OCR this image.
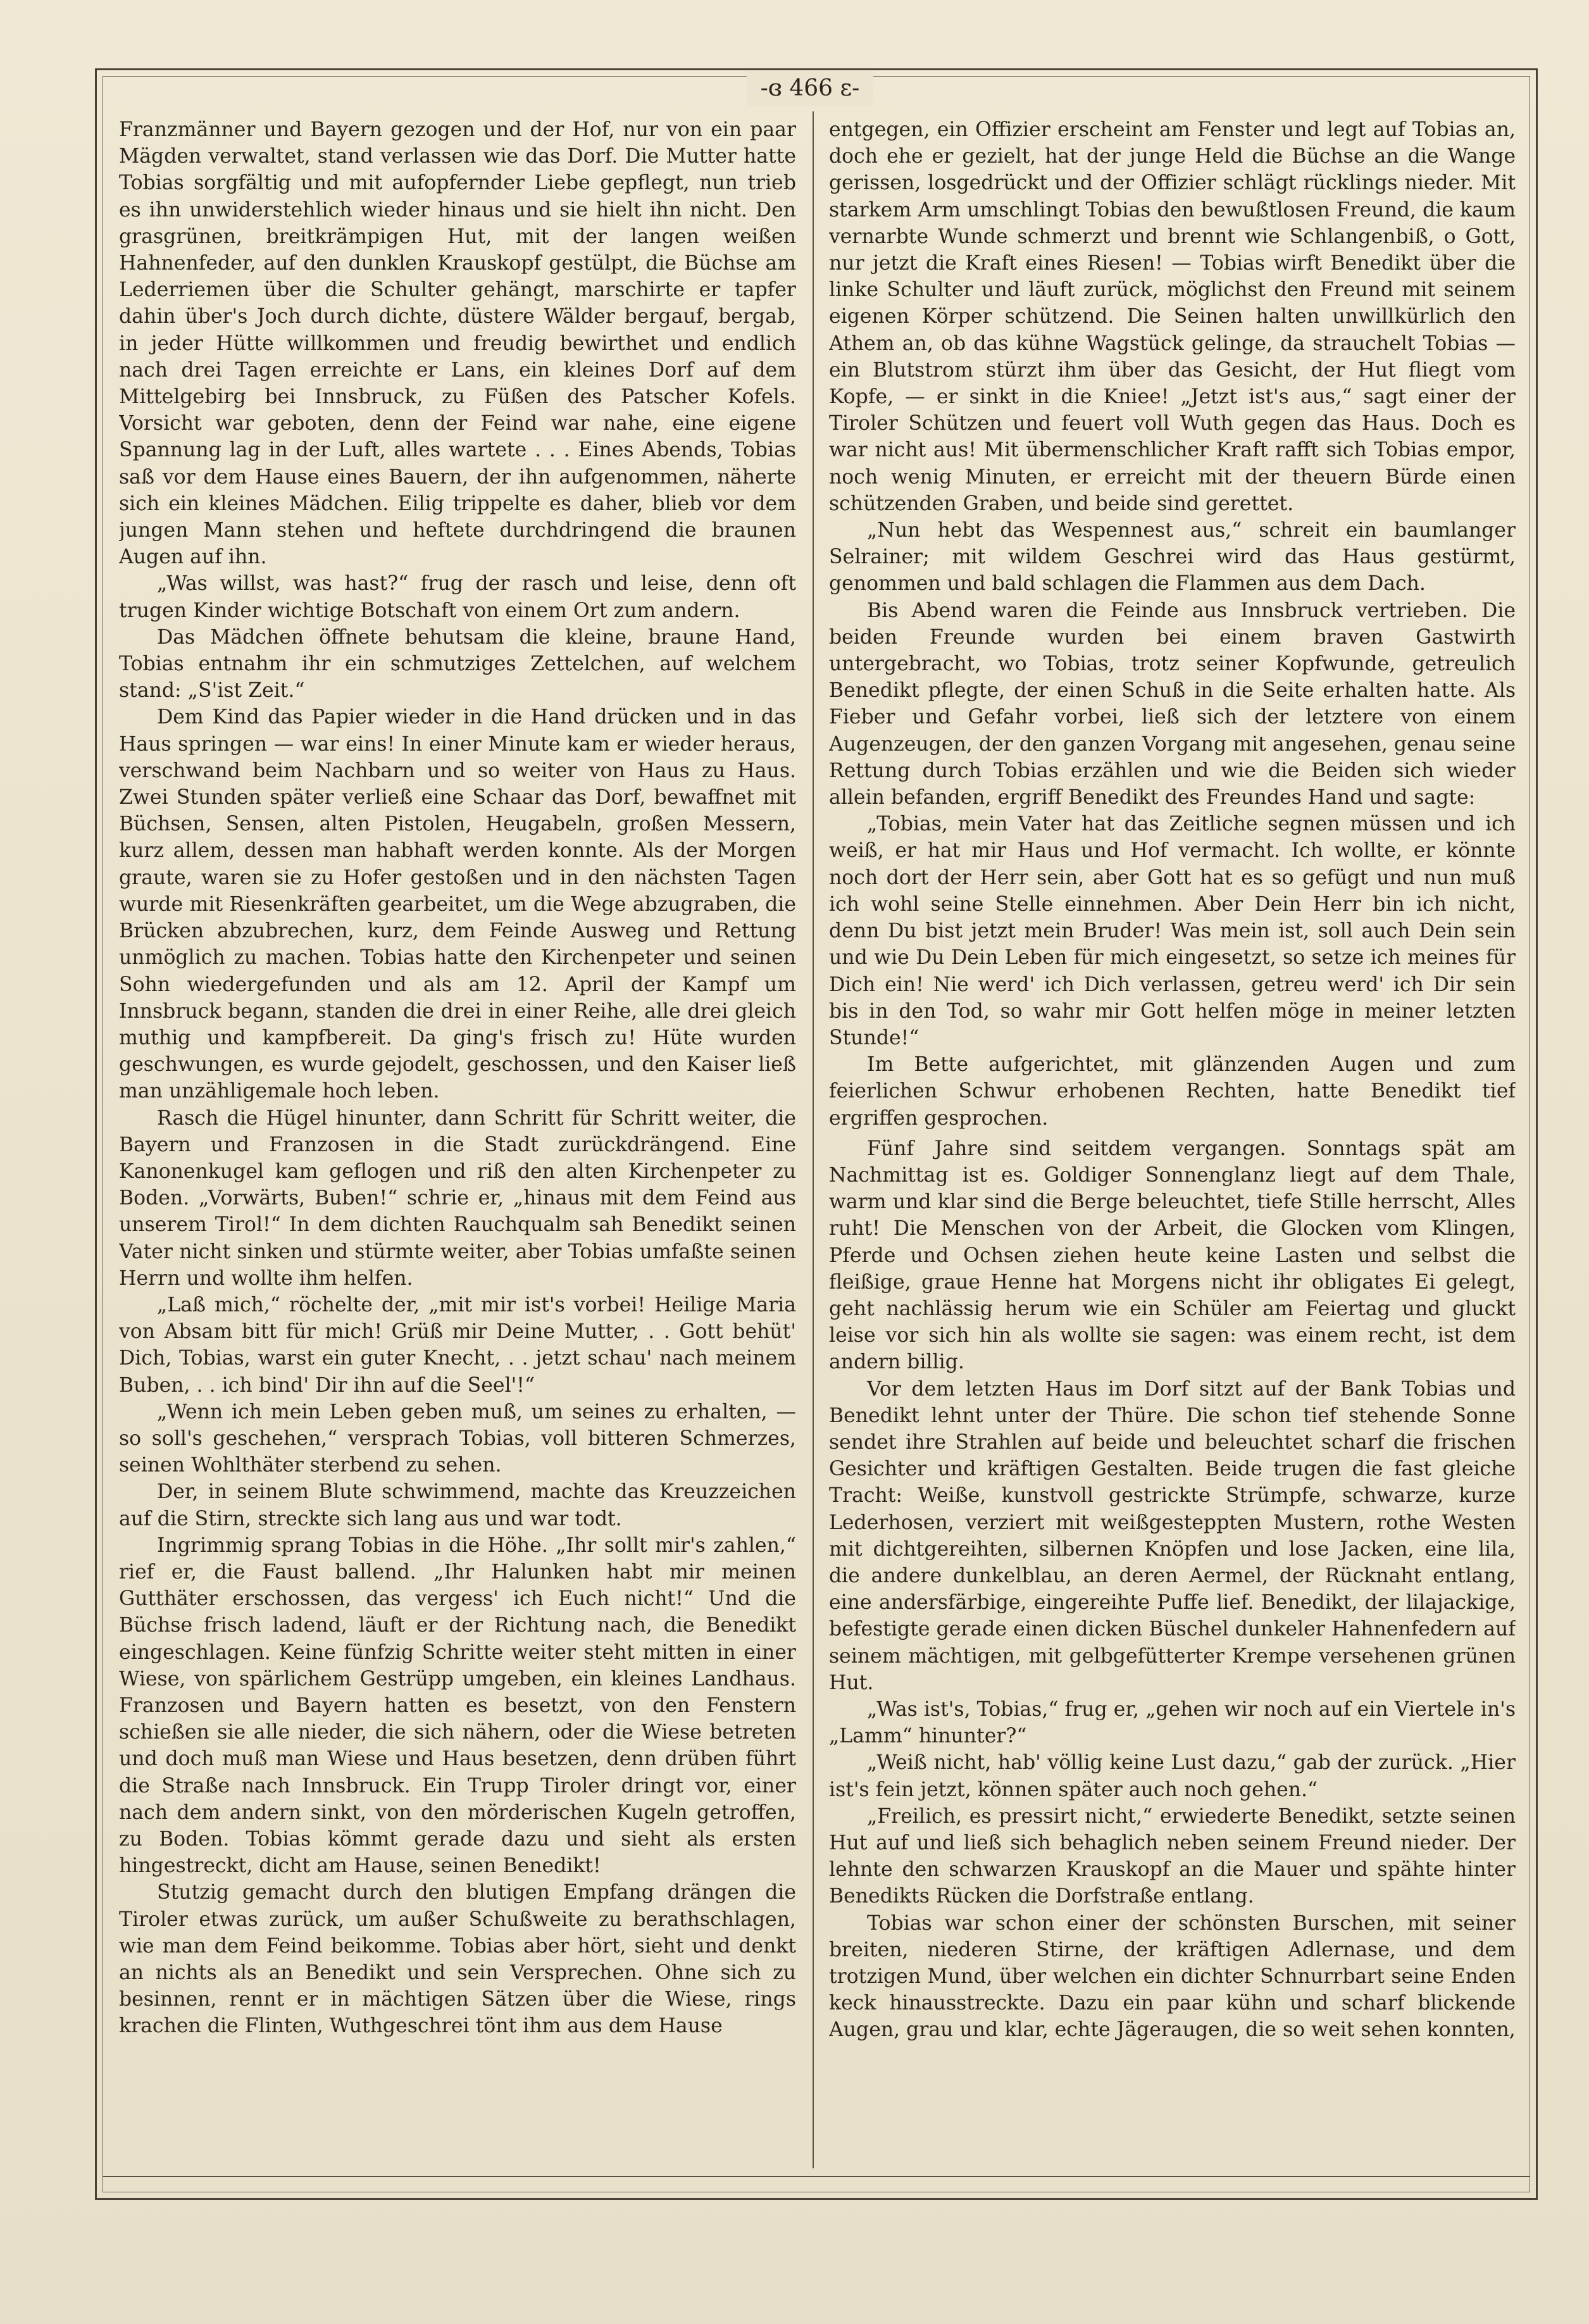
-ɞ 466 ɛ-

Franzmänner und Bayern gezogen und der Hof, nur von ein paar Mägden verwaltet, stand verlassen wie das Dorf. Die Mutter hatte Tobias sorgfältig und mit aufopfernder Liebe gepflegt, nun trieb es ihn unwiderstehlich wieder hinaus und sie hielt ihn nicht. Den grasgrünen, breitkrämpigen Hut, mit der langen weißen Hahnenfeder, auf den dunklen Krauskopf gestülpt, die Büchse am Lederriemen über die Schulter gehängt, marschirte er tapfer dahin über's Joch durch dichte, düstere Wälder bergauf, bergab, in jeder Hütte willkommen und freudig bewirthet und endlich nach drei Tagen erreichte er Lans, ein kleines Dorf auf dem Mittelgebirg bei Innsbruck, zu Füßen des Patscher Kofels. Vorsicht war geboten, denn der Feind war nahe, eine eigene Spannung lag in der Luft, alles wartete . . . Eines Abends, Tobias saß vor dem Hause eines Bauern, der ihn aufgenommen, näherte sich ein kleines Mädchen. Eilig trippelte es daher, blieb vor dem jungen Mann stehen und heftete durchdringend die braunen Augen auf ihn.

„Was willst, was hast?“ frug der rasch und leise, denn oft trugen Kinder wichtige Botschaft von einem Ort zum andern.

Das Mädchen öffnete behutsam die kleine, braune Hand, Tobias entnahm ihr ein schmutziges Zettelchen, auf welchem stand: „S'ist Zeit.“

Dem Kind das Papier wieder in die Hand drücken und in das Haus springen — war eins! In einer Minute kam er wieder heraus, verschwand beim Nachbarn und so weiter von Haus zu Haus. Zwei Stunden später verließ eine Schaar das Dorf, bewaffnet mit Büchsen, Sensen, alten Pistolen, Heugabeln, großen Messern, kurz allem, dessen man habhaft werden konnte. Als der Morgen graute, waren sie zu Hofer gestoßen und in den nächsten Tagen wurde mit Riesenkräften gearbeitet, um die Wege abzugraben, die Brücken abzubrechen, kurz, dem Feinde Ausweg und Rettung unmöglich zu machen. Tobias hatte den Kirchenpeter und seinen Sohn wiedergefunden und als am 12. April der Kampf um Innsbruck begann, standen die drei in einer Reihe, alle drei gleich muthig und kampfbereit. Da ging's frisch zu! Hüte wurden geschwungen, es wurde gejodelt, geschossen, und den Kaiser ließ man unzähligemale hoch leben.

Rasch die Hügel hinunter, dann Schritt für Schritt weiter, die Bayern und Franzosen in die Stadt zurückdrängend. Eine Kanonenkugel kam geflogen und riß den alten Kirchenpeter zu Boden. „Vorwärts, Buben!“ schrie er, „hinaus mit dem Feind aus unserem Tirol!“ In dem dichten Rauchqualm sah Benedikt seinen Vater nicht sinken und stürmte weiter, aber Tobias umfaßte seinen Herrn und wollte ihm helfen.

„Laß mich,“ röchelte der, „mit mir ist's vorbei! Heilige Maria von Absam bitt für mich! Grüß mir Deine Mutter, . . Gott behüt' Dich, Tobias, warst ein guter Knecht, . . jetzt schau' nach meinem Buben, . . ich bind' Dir ihn auf die Seel'!“

„Wenn ich mein Leben geben muß, um seines zu erhalten, — so soll's geschehen,“ versprach Tobias, voll bitteren Schmerzes, seinen Wohlthäter sterbend zu sehen.

Der, in seinem Blute schwimmend, machte das Kreuzzeichen auf die Stirn, streckte sich lang aus und war todt.

Ingrimmig sprang Tobias in die Höhe. „Ihr sollt mir's zahlen,“ rief er, die Faust ballend. „Ihr Halunken habt mir meinen Gutthäter erschossen, das vergess' ich Euch nicht!“ Und die Büchse frisch ladend, läuft er der Richtung nach, die Benedikt eingeschlagen. Keine fünfzig Schritte weiter steht mitten in einer Wiese, von spärlichem Gestrüpp umgeben, ein kleines Landhaus. Franzosen und Bayern hatten es besetzt, von den Fenstern schießen sie alle nieder, die sich nähern, oder die Wiese betreten und doch muß man Wiese und Haus besetzen, denn drüben führt die Straße nach Innsbruck. Ein Trupp Tiroler dringt vor, einer nach dem andern sinkt, von den mörderischen Kugeln getroffen, zu Boden. Tobias kömmt gerade dazu und sieht als ersten hingestreckt, dicht am Hause, seinen Benedikt!

Stutzig gemacht durch den blutigen Empfang drängen die Tiroler etwas zurück, um außer Schußweite zu berathschlagen, wie man dem Feind beikomme. Tobias aber hört, sieht und denkt an nichts als an Benedikt und sein Versprechen. Ohne sich zu besinnen, rennt er in mächtigen Sätzen über die Wiese, rings krachen die Flinten, Wuthgeschrei tönt ihm aus dem Hause

entgegen, ein Offizier erscheint am Fenster und legt auf Tobias an, doch ehe er gezielt, hat der junge Held die Büchse an die Wange gerissen, losgedrückt und der Offizier schlägt rücklings nieder. Mit starkem Arm umschlingt Tobias den bewußtlosen Freund, die kaum vernarbte Wunde schmerzt und brennt wie Schlangenbiß, o Gott, nur jetzt die Kraft eines Riesen! — Tobias wirft Benedikt über die linke Schulter und läuft zurück, möglichst den Freund mit seinem eigenen Körper schützend. Die Seinen halten unwillkürlich den Athem an, ob das kühne Wagstück gelinge, da strauchelt Tobias — ein Blutstrom stürzt ihm über das Gesicht, der Hut fliegt vom Kopfe, — er sinkt in die Kniee! „Jetzt ist's aus,“ sagt einer der Tiroler Schützen und feuert voll Wuth gegen das Haus. Doch es war nicht aus! Mit übermenschlicher Kraft rafft sich Tobias empor, noch wenig Minuten, er erreicht mit der theuern Bürde einen schützenden Graben, und beide sind gerettet.

„Nun hebt das Wespennest aus,“ schreit ein baumlanger Selrainer; mit wildem Geschrei wird das Haus gestürmt, genommen und bald schlagen die Flammen aus dem Dach.

Bis Abend waren die Feinde aus Innsbruck vertrieben. Die beiden Freunde wurden bei einem braven Gastwirth untergebracht, wo Tobias, trotz seiner Kopfwunde, getreulich Benedikt pflegte, der einen Schuß in die Seite erhalten hatte. Als Fieber und Gefahr vorbei, ließ sich der letztere von einem Augenzeugen, der den ganzen Vorgang mit angesehen, genau seine Rettung durch Tobias erzählen und wie die Beiden sich wieder allein befanden, ergriff Benedikt des Freundes Hand und sagte:

„Tobias, mein Vater hat das Zeitliche segnen müssen und ich weiß, er hat mir Haus und Hof vermacht. Ich wollte, er könnte noch dort der Herr sein, aber Gott hat es so gefügt und nun muß ich wohl seine Stelle einnehmen. Aber Dein Herr bin ich nicht, denn Du bist jetzt mein Bruder! Was mein ist, soll auch Dein sein und wie Du Dein Leben für mich eingesetzt, so setze ich meines für Dich ein! Nie werd' ich Dich verlassen, getreu werd' ich Dir sein bis in den Tod, so wahr mir Gott helfen möge in meiner letzten Stunde!“

Im Bette aufgerichtet, mit glänzenden Augen und zum feierlichen Schwur erhobenen Rechten, hatte Benedikt tief ergriffen gesprochen.

Fünf Jahre sind seitdem vergangen. Sonntags spät am Nachmittag ist es. Goldiger Sonnenglanz liegt auf dem Thale, warm und klar sind die Berge beleuchtet, tiefe Stille herrscht, Alles ruht! Die Menschen von der Arbeit, die Glocken vom Klingen, Pferde und Ochsen ziehen heute keine Lasten und selbst die fleißige, graue Henne hat Morgens nicht ihr obligates Ei gelegt, geht nachlässig herum wie ein Schüler am Feiertag und gluckt leise vor sich hin als wollte sie sagen: was einem recht, ist dem andern billig.

Vor dem letzten Haus im Dorf sitzt auf der Bank Tobias und Benedikt lehnt unter der Thüre. Die schon tief stehende Sonne sendet ihre Strahlen auf beide und beleuchtet scharf die frischen Gesichter und kräftigen Gestalten. Beide trugen die fast gleiche Tracht: Weiße, kunstvoll gestrickte Strümpfe, schwarze, kurze Lederhosen, verziert mit weißgesteppten Mustern, rothe Westen mit dichtgereihten, silbernen Knöpfen und lose Jacken, eine lila, die andere dunkelblau, an deren Aermel, der Rücknaht entlang, eine andersfärbige, eingereihte Puffe lief. Benedikt, der lilajackige, befestigte gerade einen dicken Büschel dunkeler Hahnenfedern auf seinem mächtigen, mit gelbgefütterter Krempe versehenen grünen Hut.

„Was ist's, Tobias,“ frug er, „gehen wir noch auf ein Viertele in's „Lamm“ hinunter?“

„Weiß nicht, hab' völlig keine Lust dazu,“ gab der zurück. „Hier ist's fein jetzt, können später auch noch gehen.“

„Freilich, es pressirt nicht,“ erwiederte Benedikt, setzte seinen Hut auf und ließ sich behaglich neben seinem Freund nieder. Der lehnte den schwarzen Krauskopf an die Mauer und spähte hinter Benedikts Rücken die Dorfstraße entlang.

Tobias war schon einer der schönsten Burschen, mit seiner breiten, niederen Stirne, der kräftigen Adlernase, und dem trotzigen Mund, über welchen ein dichter Schnurrbart seine Enden keck hinausstreckte. Dazu ein paar kühn und scharf blickende Augen, grau und klar, echte Jägeraugen, die so weit sehen konnten,
